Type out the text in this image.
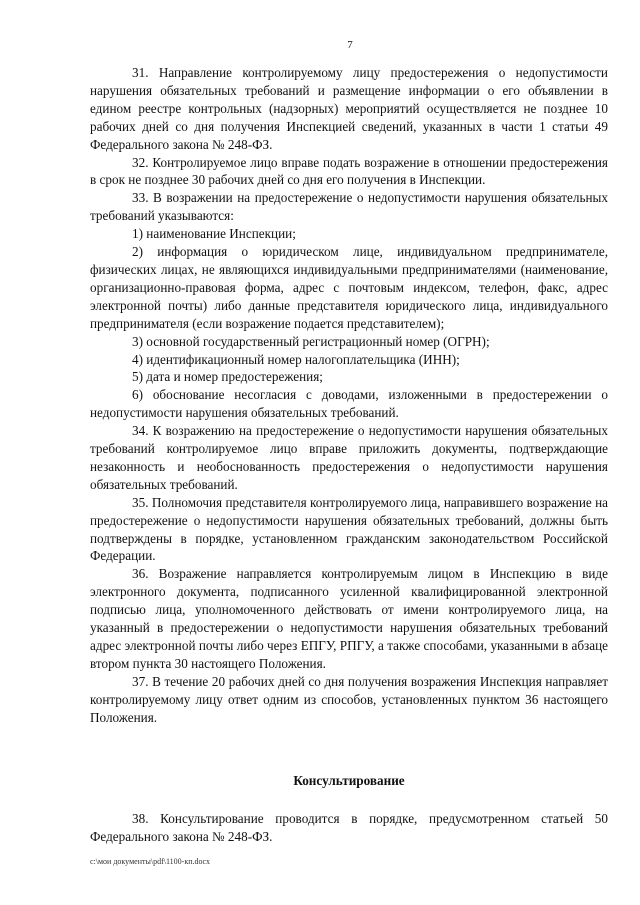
7

31. Направление контролируемому лицу предостережения о недопустимости нарушения обязательных требований и размещение информации о его объявлении в едином реестре контрольных (надзорных) мероприятий осуществляется не позднее 10 рабочих дней со дня получения Инспекцией сведений, указанных в части 1 статьи 49 Федерального закона № 248-ФЗ.

32. Контролируемое лицо вправе подать возражение в отношении предостережения в срок не позднее 30 рабочих дней со дня его получения в Инспекции.

33. В возражении на предостережение о недопустимости нарушения обязательных требований указываются:

1) наименование Инспекции;

2) информация о юридическом лице, индивидуальном предпринимателе, физических лицах, не являющихся индивидуальными предпринимателями (наименование, организационно-правовая форма, адрес с почтовым индексом, телефон, факс, адрес электронной почты) либо данные представителя юридического лица, индивидуального предпринимателя (если возражение подается представителем);

3) основной государственный регистрационный номер (ОГРН);

4) идентификационный номер налогоплательщика (ИНН);

5) дата и номер предостережения;

6) обоснование несогласия с доводами, изложенными в предостережении о недопустимости нарушения обязательных требований.

34. К возражению на предостережение о недопустимости нарушения обязательных требований контролируемое лицо вправе приложить документы, подтверждающие незаконность и необоснованность предостережения о недопустимости нарушения обязательных требований.

35. Полномочия представителя контролируемого лица, направившего возражение на предостережение о недопустимости нарушения обязательных требований, должны быть подтверждены в порядке, установленном гражданским законодательством Российской Федерации.

36. Возражение направляется контролируемым лицом в Инспекцию в виде электронного документа, подписанного усиленной квалифицированной электронной подписью лица, уполномоченного действовать от имени контролируемого лица, на указанный в предостережении о недопустимости нарушения обязательных требований адрес электронной почты либо через ЕПГУ, РПГУ, а также способами, указанными в абзаце втором пункта 30 настоящего Положения.

37. В течение 20 рабочих дней со дня получения возражения Инспекция направляет контролируемому лицу ответ одним из способов, установленных пунктом 36 настоящего Положения.

Консультирование

38. Консультирование проводится в порядке, предусмотренном статьей 50 Федерального закона № 248-ФЗ.

c:\мои документы\pdf\1100-кп.docx
